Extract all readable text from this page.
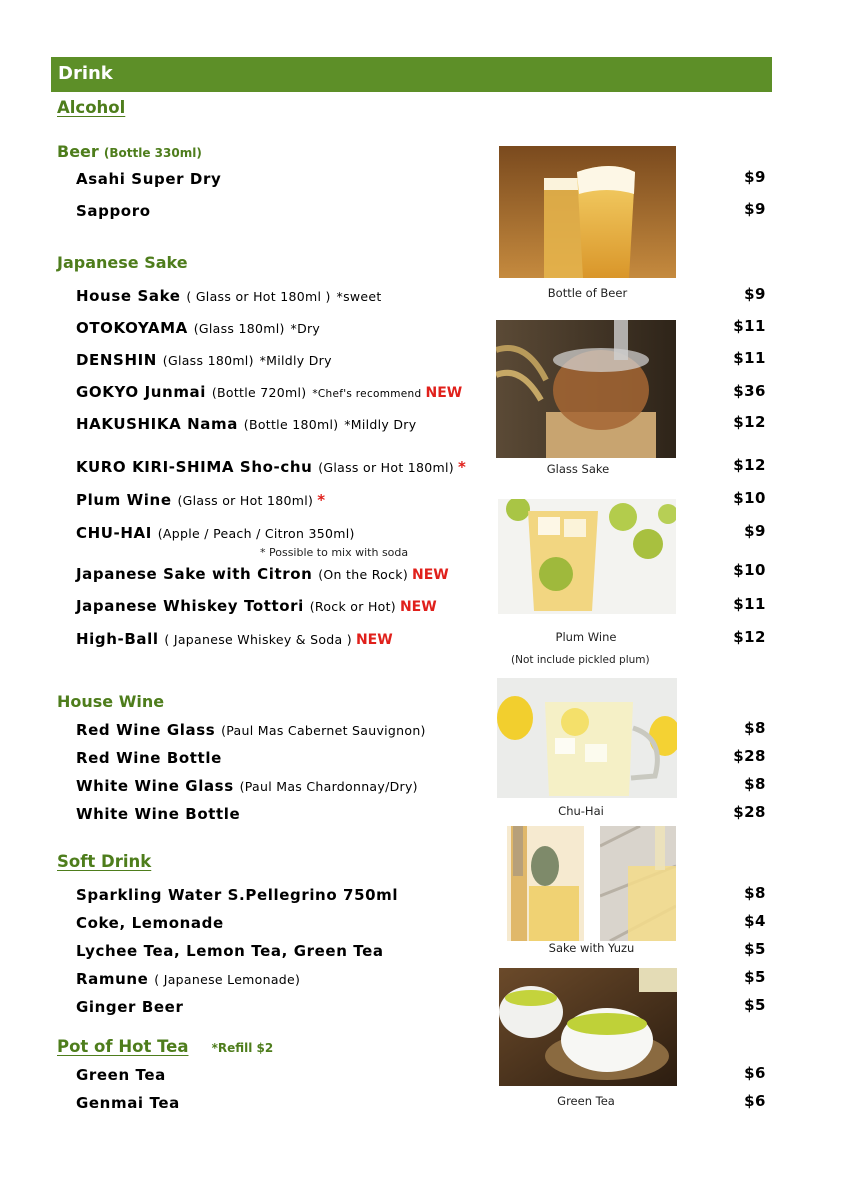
Drink
Alcohol
Beer (Bottle 330ml)
Asahi Super Dry	$9
Sapporo	$9
Japanese Sake
House Sake ( Glass or Hot 180ml ) *sweet	$9
OTOKOYAMA (Glass 180ml) *Dry	$11
DENSHIN (Glass 180ml) *Mildly Dry	$11
GOKYO Junmai (Bottle 720ml) *Chef's recommend NEW	$36
HAKUSHIKA Nama (Bottle 180ml) *Mildly Dry	$12
KURO KIRI-SHIMA Sho-chu (Glass or Hot 180ml) *	$12
Plum Wine (Glass or Hot 180ml) *	$10
CHU-HAI (Apple / Peach / Citron 350ml)	$9
* Possible to mix with soda
Japanese Sake with Citron (On the Rock) NEW	$10
Japanese Whiskey Tottori (Rock or Hot) NEW	$11
High-Ball ( Japanese Whiskey & Soda ) NEW	$12
House Wine
Red Wine Glass (Paul Mas Cabernet Sauvignon)	$8
Red Wine Bottle	$28
White Wine Glass (Paul Mas Chardonnay/Dry)	$8
White Wine Bottle	$28
Soft Drink
Sparkling Water S.Pellegrino 750ml	$8
Coke, Lemonade	$4
Lychee Tea, Lemon Tea, Green Tea	$5
Ramune ( Japanese Lemonade)	$5
Ginger Beer	$5
Pot of Hot Tea *Refill $2
Green Tea	$6
Genmai Tea	$6
Bottle of Beer
Glass Sake
Plum Wine
(Not include pickled plum)
Chu-Hai
Sake with Yuzu
Green Tea
